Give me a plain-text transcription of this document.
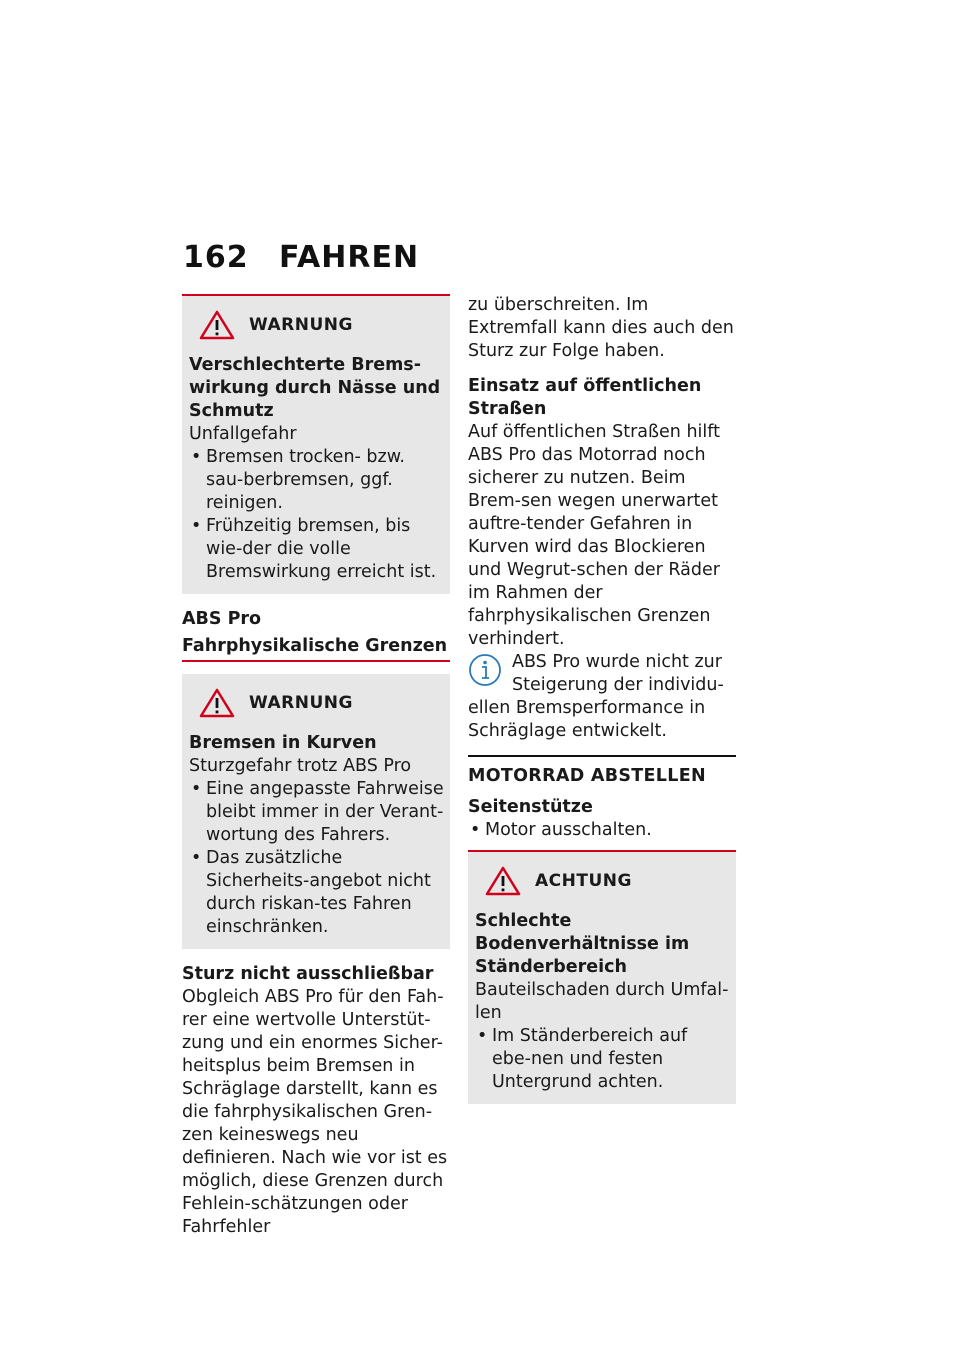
162 FAHREN
WARNUNG

Verschlechterte Brems-wirkung durch Nässe und Schmutz

Unfallgefahr

• Bremsen trocken- bzw. sau-berbremsen, ggf. reinigen.
• Frühzeitig bremsen, bis wie-der die volle Bremswirkung erreicht ist.

ABS Pro

Fahrphysikalische Grenzen

WARNUNG

Bremsen in Kurven

Sturzgefahr trotz ABS Pro

• Eine angepasste Fahrweise bleibt immer in der Verant-wortung des Fahrers.
• Das zusätzliche Sicherheits-angebot nicht durch riskan-tes Fahren einschränken.

Sturz nicht ausschließbar

Obgleich ABS Pro für den Fah-rer eine wertvolle Unterstüt-zung und ein enormes Sicher-heitsplus beim Bremsen in Schräglage darstellt, kann es die fahrphysikalischen Gren-zen keineswegs neu definieren. Nach wie vor ist es möglich, diese Grenzen durch Fehlein-schätzungen oder Fahrfehler

zu überschreiten. Im Extremfall kann dies auch den Sturz zur Folge haben.

Einsatz auf öffentlichen Straßen

Auf öffentlichen Straßen hilft ABS Pro das Motorrad noch sicherer zu nutzen. Beim Brem-sen wegen unerwartet auftre-tender Gefahren in Kurven wird das Blockieren und Wegrut-schen der Räder im Rahmen der fahrphysikalischen Grenzen verhindert.

ABS Pro wurde nicht zur Steigerung der individu-

ellen Bremsperformance in Schräglage entwickelt.

MOTORRAD ABSTELLEN

Seitenstütze

• Motor ausschalten.
ACHTUNG

Schlechte Bodenverhältnisse im Ständerbereich

Bauteilschaden durch Umfal-len

• Im Ständerbereich auf ebe-nen und festen Untergrund achten.
